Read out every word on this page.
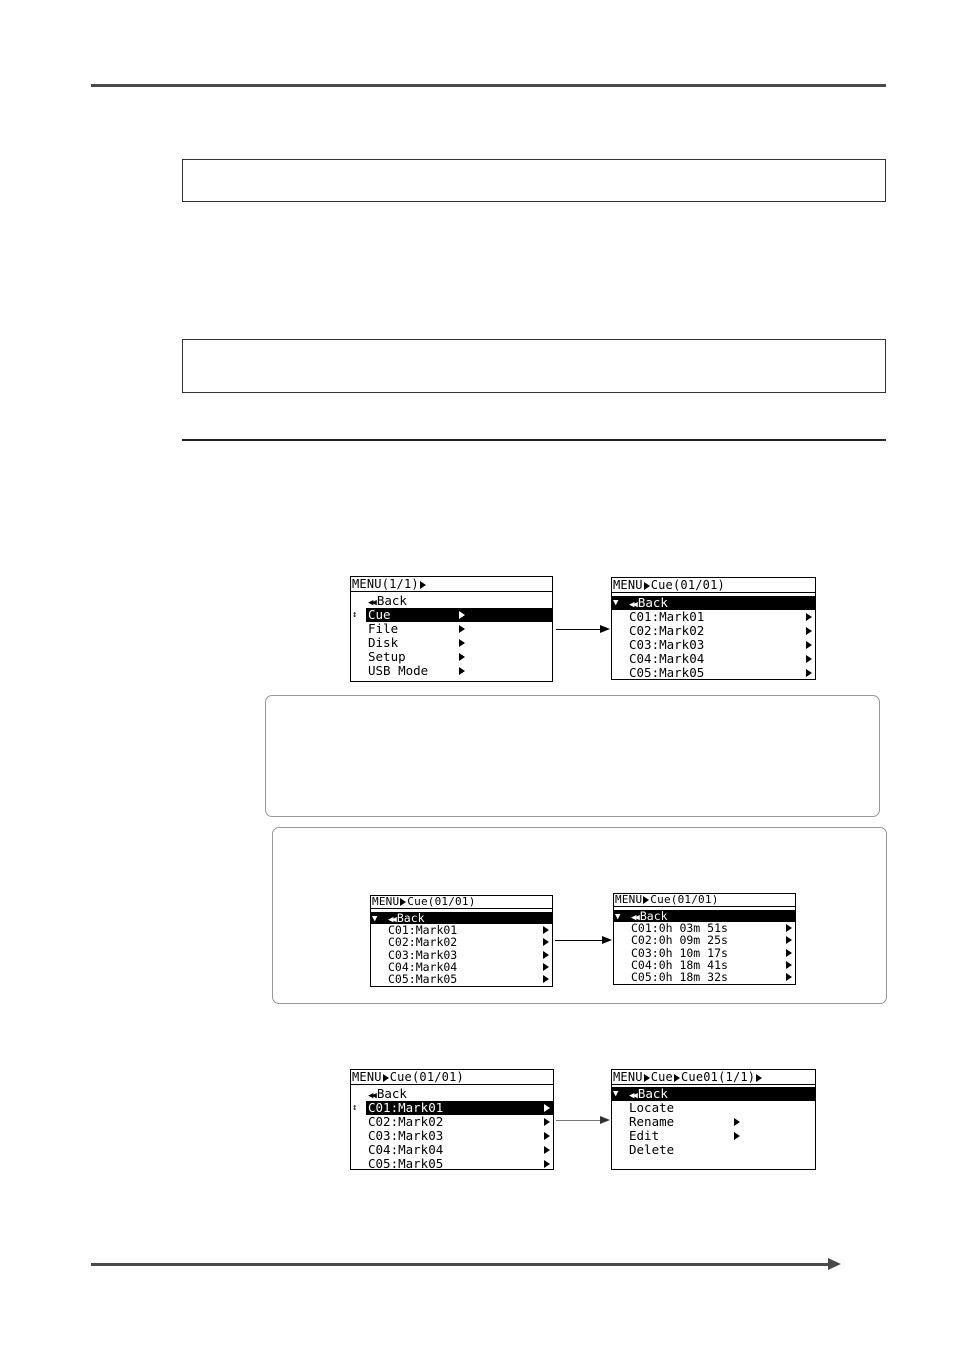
MENU(1/1)
◀◀ Back
↕ Cue
File
Disk
Setup
USB Mode
MENU Cue(01/01)
▼ ◀◀ Back
C01:Mark01
C02:Mark02
C03:Mark03
C04:Mark04
C05:Mark05
MENU Cue(01/01)
▼ ◀◀ Back
C01:Mark01
C02:Mark02
C03:Mark03
C04:Mark04
C05:Mark05
MENU Cue(01/01)
▼ ◀◀ Back
C01:0h 03m 51s
C02:0h 09m 25s
C03:0h 10m 17s
C04:0h 18m 41s
C05:0h 18m 32s
MENU Cue(01/01)
◀◀ Back
↕ C01:Mark01
C02:Mark02
C03:Mark03
C04:Mark04
C05:Mark05
MENU Cue Cue01(1/1)
▼ ◀◀ Back
Locate
Rename
Edit
Delete
